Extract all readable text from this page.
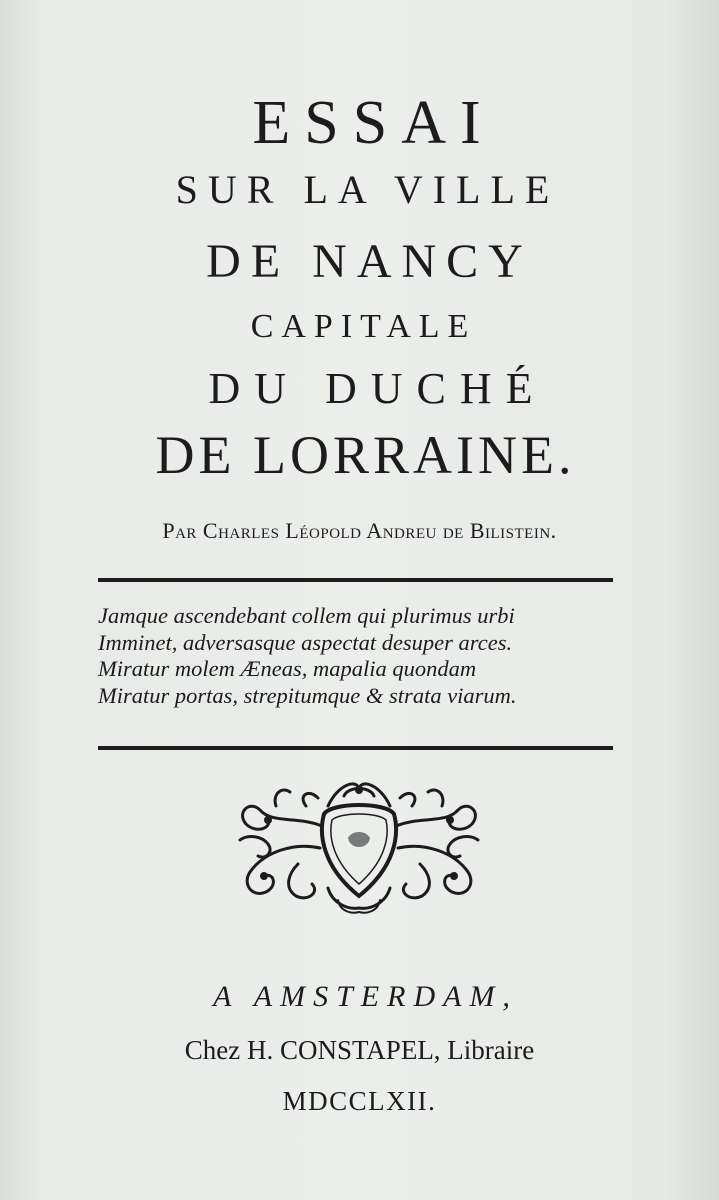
ESSAI
SUR LA VILLE
DE NANCY
CAPITALE
DU DUCHÉ
DE LORRAINE.
Par Charles Léopold Andreu de Bilistein.
Jamque ascendebant collem qui plurimus urbi
Imminet, adversasque aspectat desuper arces.
Miratur molem Æneas, mapalia quondam
Miratur portas, strepitumque & strata viarum.
A AMSTERDAM,
Chez H. CONSTAPEL, Libraire
MDCCLXII.
